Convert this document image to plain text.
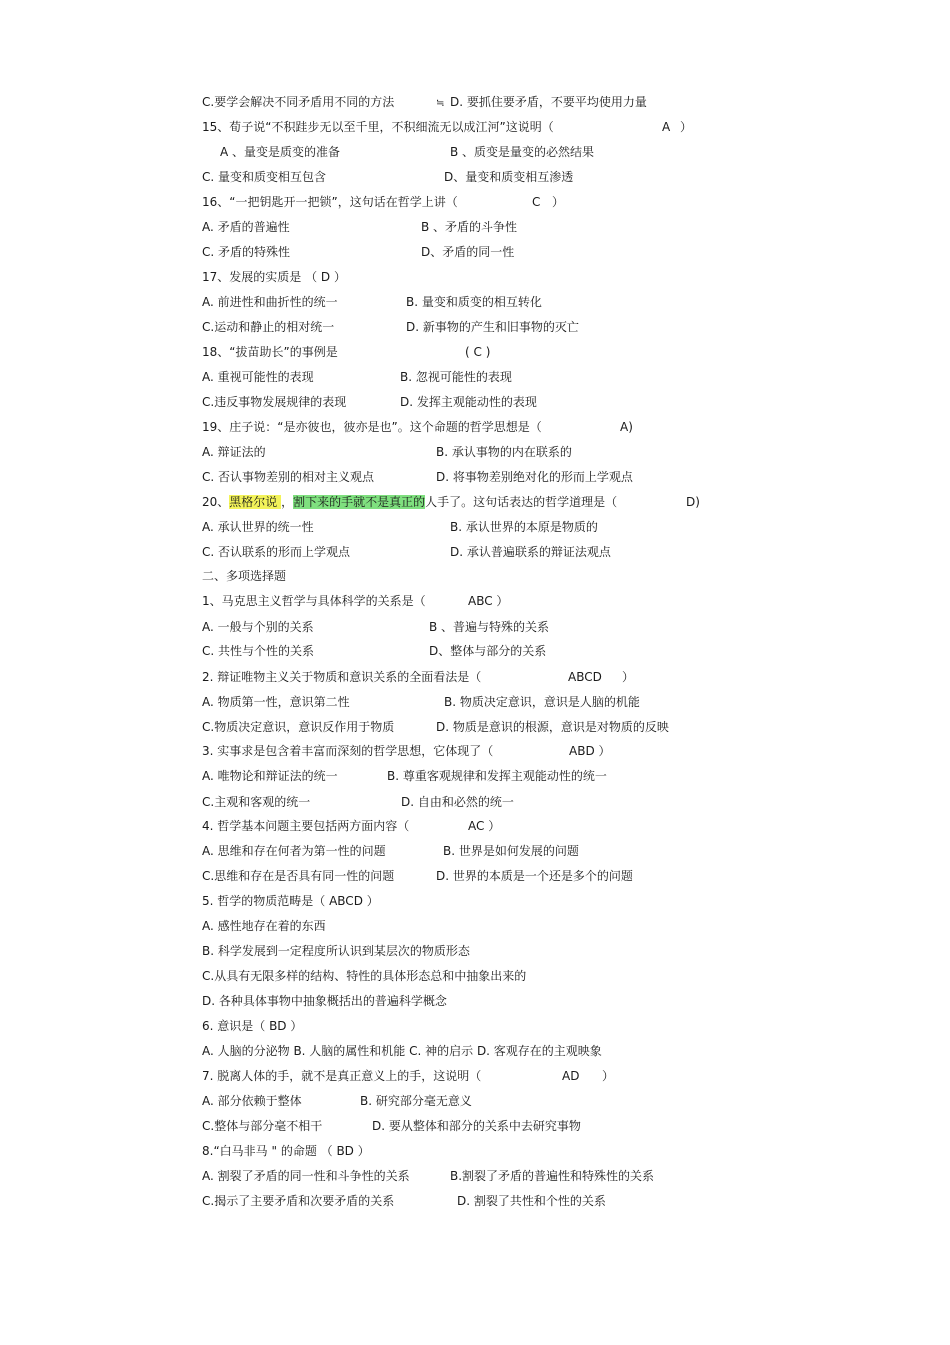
C.要学会解决不同矛盾用不同的方法	≒ D. 要抓住要矛盾，不要平均使用力量
15、荀子说“不积跬步无以至千里，不积细流无以成江河”这说明（	A ）
A 、量变是质变的准备	B 、质变是量变的必然结果
C. 量变和质变相互包含	D、量变和质变相互渗透
16、“一把钥匙开一把锁”，这句话在哲学上讲（	C ）
A. 矛盾的普遍性	B 、矛盾的斗争性
C. 矛盾的特殊性	D、矛盾的同一性
17、发展的实质是 （ D ）
A. 前进性和曲折性的统一	B. 量变和质变的相互转化
C.运动和静止的相对统一	D. 新事物的产生和旧事物的灭亡
18、“拔苗助长”的事例是	( C )
A. 重视可能性的表现	B. 忽视可能性的表现
C.违反事物发展规律的表现	D. 发挥主观能动性的表现
19、庄子说：“是亦彼也，彼亦是也”。这个命题的哲学思想是（	A)
A. 辩证法的	B. 承认事物的内在联系的
C. 否认事物差别的相对主义观点	D. 将事物差别绝对化的形而上学观点
20、黑格尔说 ，割下来的手就不是真正的人手了。这句话表达的哲学道理是（	D)
A. 承认世界的统一性	B. 承认世界的本原是物质的
C. 否认联系的形而上学观点	D. 承认普遍联系的辩证法观点
二、多项选择题
1、马克思主义哲学与具体科学的关系是（	ABC ）
A. 一般与个别的关系	B 、普遍与特殊的关系
C. 共性与个性的关系	D、整体与部分的关系
2. 辩证唯物主义关于物质和意识关系的全面看法是（	ABCD ）
A. 物质第一性，意识第二性	B. 物质决定意识，意识是人脑的机能
C.物质决定意识，意识反作用于物质	D. 物质是意识的根源，意识是对物质的反映
3. 实事求是包含着丰富而深刻的哲学思想，它体现了（	ABD ）
A. 唯物论和辩证法的统一	B. 尊重客观规律和发挥主观能动性的统一
C.主观和客观的统一	D. 自由和必然的统一
4. 哲学基本问题主要包括两方面内容（	AC ）
A. 思维和存在何者为第一性的问题	B. 世界是如何发展的问题
C.思维和存在是否具有同一性的问题	D. 世界的本质是一个还是多个的问题
5. 哲学的物质范畴是（ ABCD ）
A. 感性地存在着的东西
B. 科学发展到一定程度所认识到某层次的物质形态
C.从具有无限多样的结构、特性的具体形态总和中抽象出来的
D. 各种具体事物中抽象概括出的普遍科学概念
6. 意识是（ BD ）
A. 人脑的分泌物 B. 人脑的属性和机能 C. 神的启示 D. 客观存在的主观映象
7. 脱离人体的手，就不是真正意义上的手，这说明（	AD ）
A. 部分依赖于整体	B. 研究部分毫无意义
C.整体与部分毫不相干	D. 要从整体和部分的关系中去研究事物
8.“白马非马 " 的命题 （ BD ）
A. 割裂了矛盾的同一性和斗争性的关系	B.割裂了矛盾的普遍性和特殊性的关系
C.揭示了主要矛盾和次要矛盾的关系	D. 割裂了共性和个性的关系
